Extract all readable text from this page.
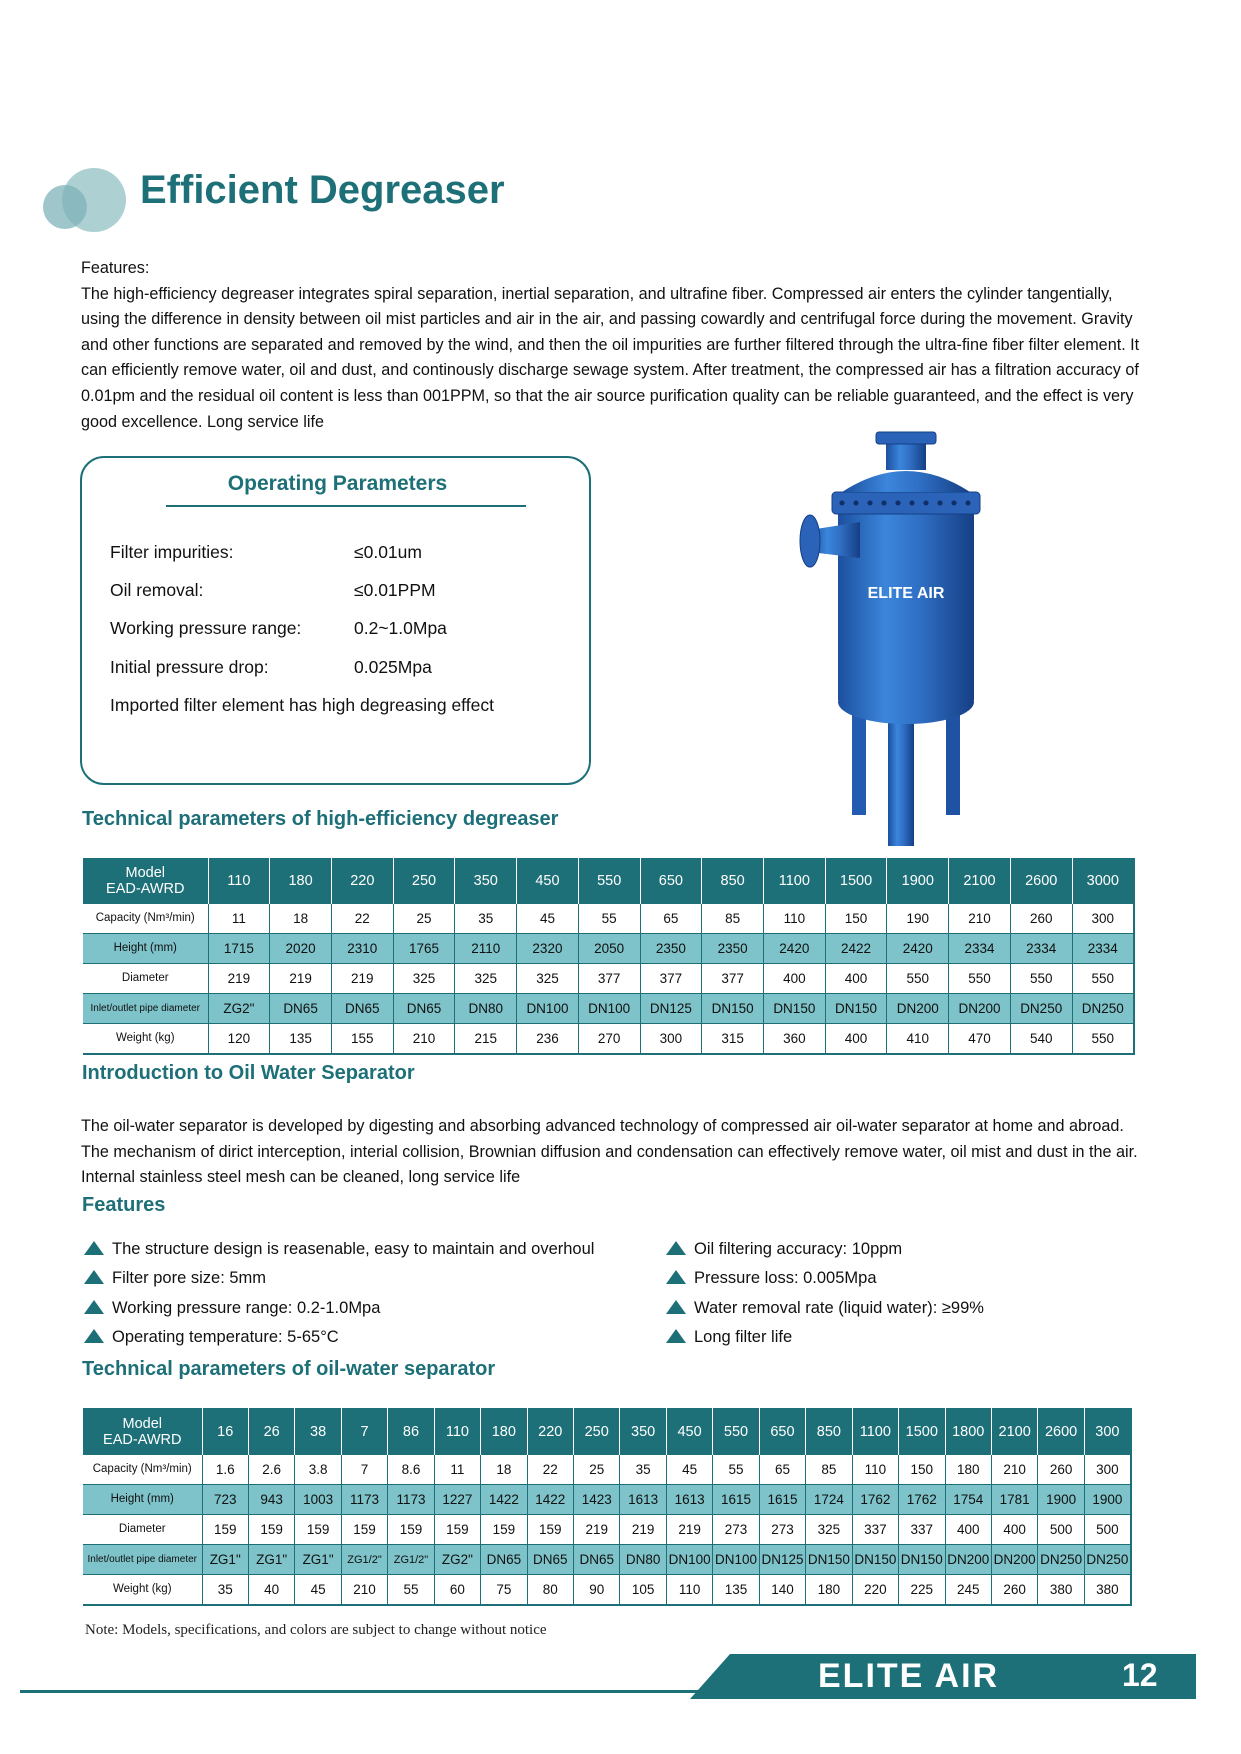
Efficient Degreaser
Features:
The high-efficiency degreaser integrates spiral separation, inertial separation, and ultrafine fiber. Compressed air enters the cylinder tangentially,
using the difference in density between oil mist particles and air in the air, and passing cowardly and centrifugal force during the movement. Gravity
and other functions are separated and removed by the wind, and then the oil impurities are further filtered through the ultra-fine fiber filter element. It
can efficiently remove water, oil and dust, and continously discharge sewage system. After treatment, the compressed air has a filtration accuracy of
0.01pm and the residual oil content is less than 001PPM, so that the air source purification quality can be reliable guaranteed, and the effect is very
good excellence. Long service life
Operating Parameters
Filter impurities:	≤0.01um
Oil removal:	≤0.01PPM
Working pressure range:	0.2~1.0Mpa
Initial pressure drop:	0.025Mpa
Imported filter element has high degreasing effect
ELITE AIR
Technical parameters of high-efficiency degreaser
Model
EAD-AWRD	110	180	220	250	350	450	550	650	850	1100	1500	1900	2100	2600	3000
Capacity (Nm³/min)	11	18	22	25	35	45	55	65	85	110	150	190	210	260	300
Height (mm)	1715	2020	2310	1765	2110	2320	2050	2350	2350	2420	2422	2420	2334	2334	2334
Diameter	219	219	219	325	325	325	377	377	377	400	400	550	550	550	550
Inlet/outlet pipe diameter	ZG2"	DN65	DN65	DN65	DN80	DN100	DN100	DN125	DN150	DN150	DN150	DN200	DN200	DN250	DN250
Weight (kg)	120	135	155	210	215	236	270	300	315	360	400	410	470	540	550
Introduction to Oil Water Separator
The oil-water separator is developed by digesting and absorbing advanced technology of compressed air oil-water separator at home and abroad.
The mechanism of dirict interception, interial collision, Brownian diffusion and condensation can effectively remove water, oil mist and dust in the air.
Internal stainless steel mesh can be cleaned, long service life
Features
The structure design is reasenable, easy to maintain and overhoul
Filter pore size: 5mm
Working pressure range: 0.2-1.0Mpa
Operating temperature: 5-65°C
Oil filtering accuracy: 10ppm
Pressure loss: 0.005Mpa
Water removal rate (liquid water): ≥99%
Long filter life
Technical parameters of oil-water separator
Model
EAD-AWRD	16	26	38	7	86	110	180	220	250	350	450	550	650	850	1100	1500	1800	2100	2600	300
Capacity (Nm³/min)	1.6	2.6	3.8	7	8.6	11	18	22	25	35	45	55	65	85	110	150	180	210	260	300
Height (mm)	723	943	1003	1173	1173	1227	1422	1422	1423	1613	1613	1615	1615	1724	1762	1762	1754	1781	1900	1900
Diameter	159	159	159	159	159	159	159	159	219	219	219	273	273	325	337	337	400	400	500	500
Inlet/outlet pipe diameter	ZG1"	ZG1"	ZG1"	ZG1/2"	ZG1/2"	ZG2"	DN65	DN65	DN65	DN80	DN100	DN100	DN125	DN150	DN150	DN150	DN200	DN200	DN250	DN250
Weight (kg)	35	40	45	210	55	60	75	80	90	105	110	135	140	180	220	225	245	260	380	380
Note: Models, specifications, and colors are subject to change without notice
ELITE AIR	12
